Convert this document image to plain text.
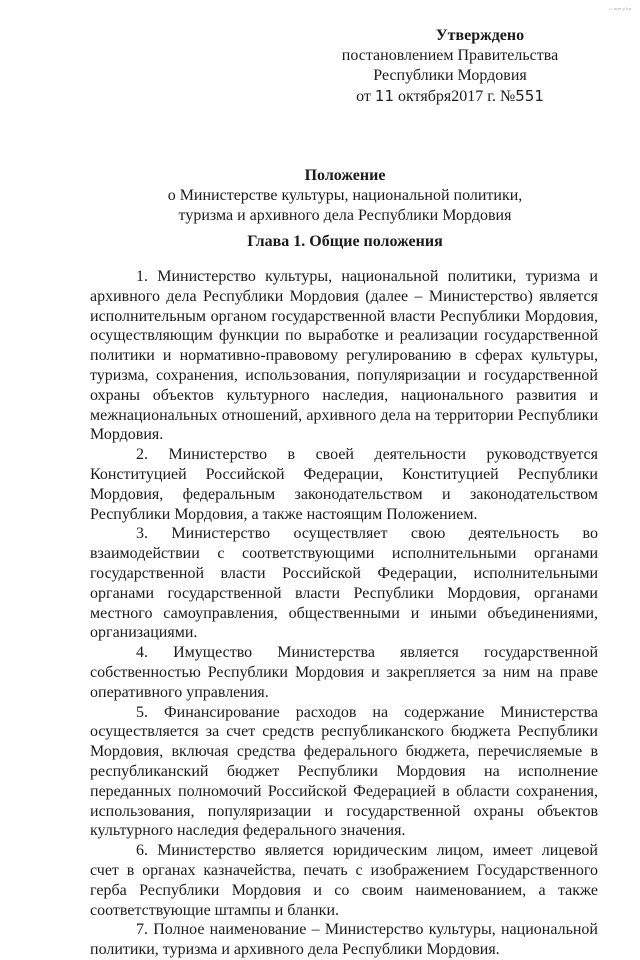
~ᵐᵐᵖᵇᵖ
Утверждено
постановлением Правительства
Республики Мордовия
от 11 октября2017 г. №551
Положение
о Министерстве культуры, национальной политики,
туризма и архивного дела Республики Мордовия
Глава 1. Общие положения

1. Министерство культуры, национальной политики, туризма и архивного дела Республики Мордовия (далее – Министерство) является исполнительным органом государственной власти Республики Мордовия, осуществляющим функции по выработке и реализации государственной политики и нормативно-правовому регулированию в сферах культуры, туризма, сохранения, использования, популяризации и государственной охраны объектов культурного наследия, национального развития и межнациональных отношений, архивного дела на территории Республики Мордовия.

2. Министерство в своей деятельности руководствуется Конституцией Российской Федерации, Конституцией Республики Мордовия, федеральным законодательством и законодательством Республики Мордовия, а также настоящим Положением.

3. Министерство осуществляет свою деятельность во взаимодействии с соответствующими исполнительными органами государственной власти Российской Федерации, исполнительными органами государственной власти Республики Мордовия, органами местного самоуправления, общественными и иными объединениями, организациями.

4. Имущество Министерства является государственной собственностью Республики Мордовия и закрепляется за ним на праве оперативного управления.

5. Финансирование расходов на содержание Министерства осуществляется за счет средств республиканского бюджета Республики Мордовия, включая средства федерального бюджета, перечисляемые в республиканский бюджет Республики Мордовия на исполнение переданных полномочий Российской Федерацией в области сохранения, использования, популяризации и государственной охраны объектов культурного наследия федерального значения.

6. Министерство является юридическим лицом, имеет лицевой счет в органах казначейства, печать с изображением Государственного герба Республики Мордовия и со своим наименованием, а также соответствующие штампы и бланки.

7. Полное наименование – Министерство культуры, национальной политики, туризма и архивного дела Республики Мордовия.
